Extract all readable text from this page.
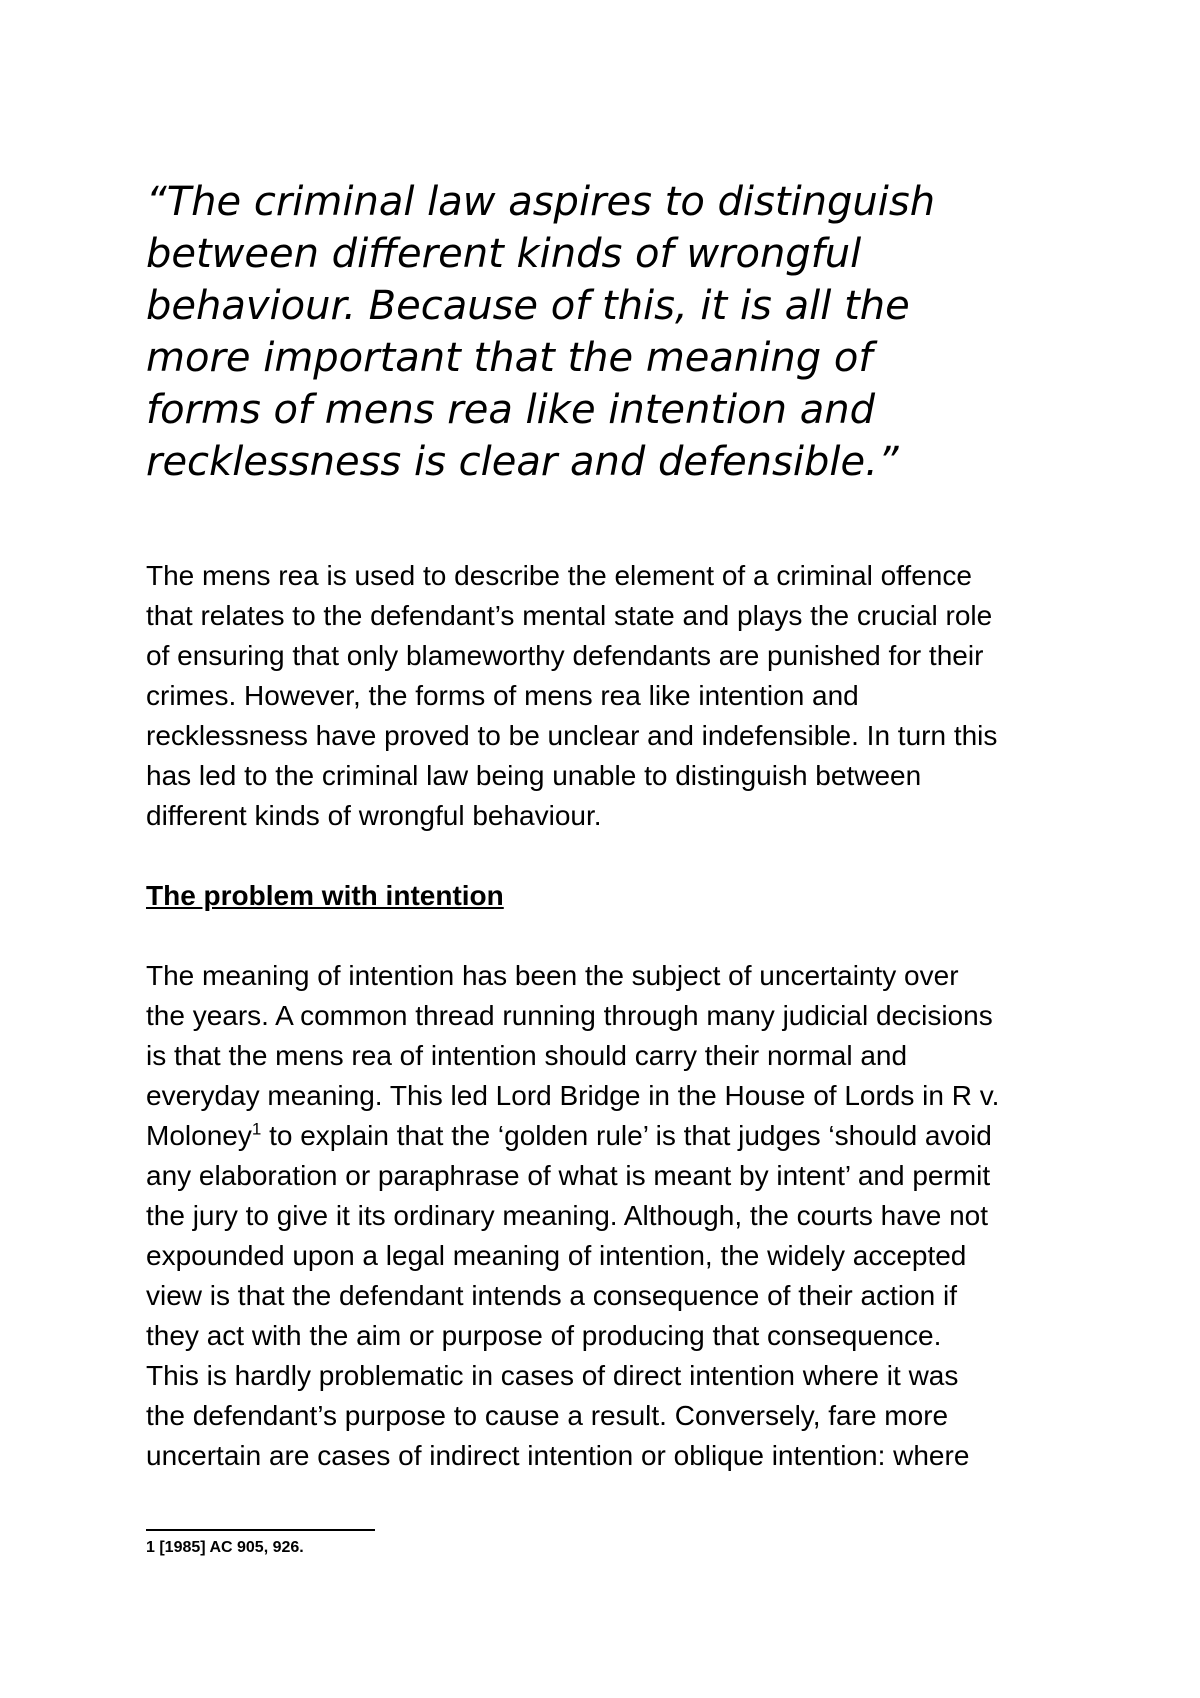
“The criminal law aspires to distinguish
between different kinds of wrongful
behaviour. Because of this, it is all the
more important that the meaning of
forms of mens rea like intention and
recklessness is clear and defensible.”
The mens rea is used to describe the element of a criminal offence
that relates to the defendant’s mental state and plays the crucial role
of ensuring that only blameworthy defendants are punished for their
crimes. However, the forms of mens rea like intention and
recklessness have proved to be unclear and indefensible. In turn this
has led to the criminal law being unable to distinguish between
different kinds of wrongful behaviour.
The problem with intention
The meaning of intention has been the subject of uncertainty over
the years. A common thread running through many judicial decisions
is that the mens rea of intention should carry their normal and
everyday meaning. This led Lord Bridge in the House of Lords in R v.
Moloney$^1$ to explain that the ‘golden rule’ is that judges ‘should avoid
any elaboration or paraphrase of what is meant by intent’ and permit
the jury to give it its ordinary meaning. Although, the courts have not
expounded upon a legal meaning of intention, the widely accepted
view is that the defendant intends a consequence of their action if
they act with the aim or purpose of producing that consequence.
This is hardly problematic in cases of direct intention where it was
the defendant’s purpose to cause a result. Conversely, fare more
uncertain are cases of indirect intention or oblique intention: where
1 [1985] AC 905, 926.
